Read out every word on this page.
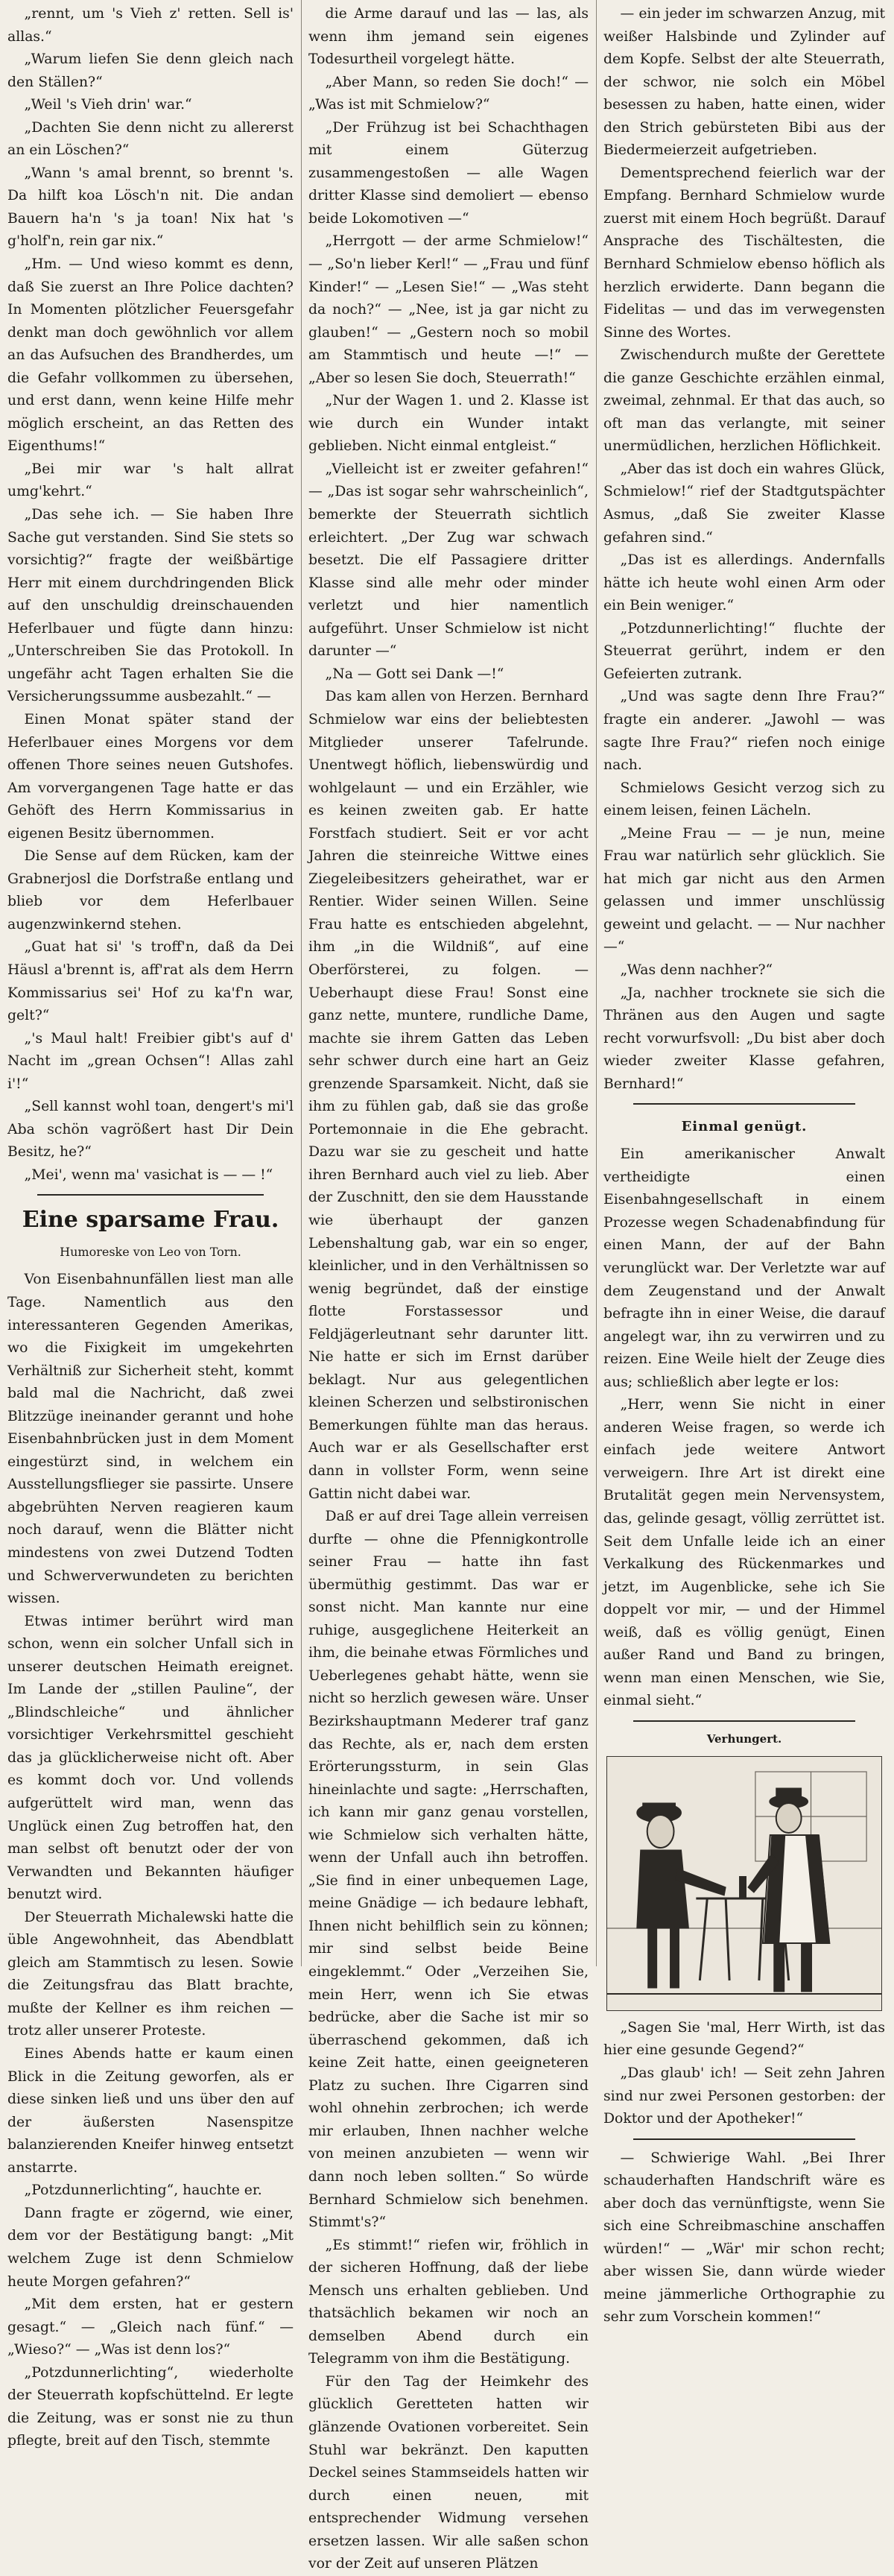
„rennt, um 's Vieh z' retten. Sell is' allas.“

„Warum liefen Sie denn gleich nach den Ställen?“

„Weil 's Vieh drin' war.“

„Dachten Sie denn nicht zu allererst an ein Löschen?“

„Wann 's amal brennt, so brennt 's. Da hilft koa Lösch'n nit. Die andan Bauern ha'n 's ja toan! Nix hat 's g'holf'n, rein gar nix.“

„Hm. — Und wieso kommt es denn, daß Sie zuerst an Ihre Police dachten? In Momenten plötzlicher Feuersgefahr denkt man doch gewöhnlich vor allem an das Aufsuchen des Brandherdes, um die Gefahr vollkommen zu übersehen, und erst dann, wenn keine Hilfe mehr möglich erscheint, an das Retten des Eigenthums!“

„Bei mir war 's halt allrat umg'kehrt.“

„Das sehe ich. — Sie haben Ihre Sache gut verstanden. Sind Sie stets so vorsichtig?“ fragte der weißbärtige Herr mit einem durchdringenden Blick auf den unschuldig dreinschauenden Heferlbauer und fügte dann hinzu: „Unterschreiben Sie das Protokoll. In ungefähr acht Tagen erhalten Sie die Versicherungssumme ausbezahlt.“ —

Einen Monat später stand der Heferlbauer eines Morgens vor dem offenen Thore seines neuen Gutshofes. Am vorvergangenen Tage hatte er das Gehöft des Herrn Kommissarius in eigenen Besitz übernommen.

Die Sense auf dem Rücken, kam der Grabnerjosl die Dorfstraße entlang und blieb vor dem Heferlbauer augenzwinkernd stehen.

„Guat hat si' 's troff'n, daß da Dei Häusl a'brennt is, aff'rat als dem Herrn Kommissarius sei' Hof zu ka'f'n war, gelt?“

„'s Maul halt! Freibier gibt's auf d' Nacht im „grean Ochsen“! Allas zahl i'!“

„Sell kannst wohl toan, dengert's mi'l Aba schön vagrößert hast Dir Dein Besitz, he?“

„Mei', wenn ma' vasichat is — — !“

Eine sparsame Frau.
Humoreske von Leo von Torn.

Von Eisenbahnunfällen liest man alle Tage. Namentlich aus den interessanteren Gegenden Amerikas, wo die Fixigkeit im umgekehrten Verhältniß zur Sicherheit steht, kommt bald mal die Nachricht, daß zwei Blitzzüge ineinander gerannt und hohe Eisenbahnbrücken just in dem Moment eingestürzt sind, in welchem ein Ausstellungsflieger sie passirte. Unsere abgebrühten Nerven reagieren kaum noch darauf, wenn die Blätter nicht mindestens von zwei Dutzend Todten und Schwerverwundeten zu berichten wissen.

Etwas intimer berührt wird man schon, wenn ein solcher Unfall sich in unserer deutschen Heimath ereignet. Im Lande der „stillen Pauline“, der „Blindschleiche“ und ähnlicher vorsichtiger Verkehrsmittel geschieht das ja glücklicherweise nicht oft. Aber es kommt doch vor. Und vollends aufgerüttelt wird man, wenn das Unglück einen Zug betroffen hat, den man selbst oft benutzt oder der von Verwandten und Bekannten häufiger benutzt wird.

Der Steuerrath Michalewski hatte die üble Angewohnheit, das Abendblatt gleich am Stammtisch zu lesen. Sowie die Zeitungsfrau das Blatt brachte, mußte der Kellner es ihm reichen — trotz aller unserer Proteste.

Eines Abends hatte er kaum einen Blick in die Zeitung geworfen, als er diese sinken ließ und uns über den auf der äußersten Nasenspitze balanzierenden Kneifer hinweg entsetzt anstarrte.

„Potzdunnerlichting“, hauchte er.

Dann fragte er zögernd, wie einer, dem vor der Bestätigung bangt: „Mit welchem Zuge ist denn Schmielow heute Morgen gefahren?“

„Mit dem ersten, hat er gestern gesagt.“ — „Gleich nach fünf.“ — „Wieso?“ — „Was ist denn los?“

„Potzdunnerlichting“, wiederholte der Steuerrath kopfschüttelnd. Er legte die Zeitung, was er sonst nie zu thun pflegte, breit auf den Tisch, stemmte

die Arme darauf und las — las, als wenn ihm jemand sein eigenes Todesurtheil vorgelegt hätte.

„Aber Mann, so reden Sie doch!“ — „Was ist mit Schmielow?“

„Der Frühzug ist bei Schachthagen mit einem Güterzug zusammengestoßen — alle Wagen dritter Klasse sind demoliert — ebenso beide Lokomotiven —“

„Herrgott — der arme Schmielow!“ — „So'n lieber Kerl!“ — „Frau und fünf Kinder!“ — „Lesen Sie!“ — „Was steht da noch?“ — „Nee, ist ja gar nicht zu glauben!“ — „Gestern noch so mobil am Stammtisch und heute —!“ — „Aber so lesen Sie doch, Steuerrath!“

„Nur der Wagen 1. und 2. Klasse ist wie durch ein Wunder intakt geblieben. Nicht einmal entgleist.“

„Vielleicht ist er zweiter gefahren!“ — „Das ist sogar sehr wahrscheinlich“, bemerkte der Steuerrath sichtlich erleichtert. „Der Zug war schwach besetzt. Die elf Passagiere dritter Klasse sind alle mehr oder minder verletzt und hier namentlich aufgeführt. Unser Schmielow ist nicht darunter —“

„Na — Gott sei Dank —!“

Das kam allen von Herzen. Bernhard Schmielow war eins der beliebtesten Mitglieder unserer Tafelrunde. Unentwegt höflich, liebenswürdig und wohlgelaunt — und ein Erzähler, wie es keinen zweiten gab. Er hatte Forstfach studiert. Seit er vor acht Jahren die steinreiche Wittwe eines Ziegeleibesitzers geheirathet, war er Rentier. Wider seinen Willen. Seine Frau hatte es entschieden abgelehnt, ihm „in die Wildniß“, auf eine Oberförsterei, zu folgen. — Ueberhaupt diese Frau! Sonst eine ganz nette, muntere, rundliche Dame, machte sie ihrem Gatten das Leben sehr schwer durch eine hart an Geiz grenzende Sparsamkeit. Nicht, daß sie ihm zu fühlen gab, daß sie das große Portemonnaie in die Ehe gebracht. Dazu war sie zu gescheit und hatte ihren Bernhard auch viel zu lieb. Aber der Zuschnitt, den sie dem Hausstande wie überhaupt der ganzen Lebenshaltung gab, war ein so enger, kleinlicher, und in den Verhältnissen so wenig begründet, daß der einstige flotte Forstassessor und Feldjägerleutnant sehr darunter litt. Nie hatte er sich im Ernst darüber beklagt. Nur aus gelegentlichen kleinen Scherzen und selbstironischen Bemerkungen fühlte man das heraus. Auch war er als Gesellschafter erst dann in vollster Form, wenn seine Gattin nicht dabei war.

Daß er auf drei Tage allein verreisen durfte — ohne die Pfennigkontrolle seiner Frau — hatte ihn fast übermüthig gestimmt. Das war er sonst nicht. Man kannte nur eine ruhige, ausgeglichene Heiterkeit an ihm, die beinahe etwas Förmliches und Ueberlegenes gehabt hätte, wenn sie nicht so herzlich gewesen wäre. Unser Bezirkshauptmann Mederer traf ganz das Rechte, als er, nach dem ersten Erörterungssturm, in sein Glas hineinlachte und sagte: „Herrschaften, ich kann mir ganz genau vorstellen, wie Schmielow sich verhalten hätte, wenn der Unfall auch ihn betroffen. „Sie find in einer unbequemen Lage, meine Gnädige — ich bedaure lebhaft, Ihnen nicht behilflich sein zu können; mir sind selbst beide Beine eingeklemmt.“ Oder „Verzeihen Sie, mein Herr, wenn ich Sie etwas bedrücke, aber die Sache ist mir so überraschend gekommen, daß ich keine Zeit hatte, einen geeigneteren Platz zu suchen. Ihre Cigarren sind wohl ohnehin zerbrochen; ich werde mir erlauben, Ihnen nachher welche von meinen anzubieten — wenn wir dann noch leben sollten.“ So würde Bernhard Schmielow sich benehmen. Stimmt's?“

„Es stimmt!“ riefen wir, fröhlich in der sicheren Hoffnung, daß der liebe Mensch uns erhalten geblieben. Und thatsächlich bekamen wir noch an demselben Abend durch ein Telegramm von ihm die Bestätigung.

Für den Tag der Heimkehr des glücklich Geretteten hatten wir glänzende Ovationen vorbereitet. Sein Stuhl war bekränzt. Den kaputten Deckel seines Stammseidels hatten wir durch einen neuen, mit entsprechender Widmung versehen ersetzen lassen. Wir alle saßen schon vor der Zeit auf unseren Plätzen

— ein jeder im schwarzen Anzug, mit weißer Halsbinde und Zylinder auf dem Kopfe. Selbst der alte Steuerrath, der schwor, nie solch ein Möbel besessen zu haben, hatte einen, wider den Strich gebürsteten Bibi aus der Biedermeierzeit aufgetrieben.

Dementsprechend feierlich war der Empfang. Bernhard Schmielow wurde zuerst mit einem Hoch begrüßt. Darauf Ansprache des Tischältesten, die Bernhard Schmielow ebenso höflich als herzlich erwiderte. Dann begann die Fidelitas — und das im verwegensten Sinne des Wortes.

Zwischendurch mußte der Gerettete die ganze Geschichte erzählen einmal, zweimal, zehnmal. Er that das auch, so oft man das verlangte, mit seiner unermüdlichen, herzlichen Höflichkeit.

„Aber das ist doch ein wahres Glück, Schmielow!“ rief der Stadtgutspächter Asmus, „daß Sie zweiter Klasse gefahren sind.“

„Das ist es allerdings. Andernfalls hätte ich heute wohl einen Arm oder ein Bein weniger.“

„Potzdunnerlichting!“ fluchte der Steuerrat gerührt, indem er den Gefeierten zutrank.

„Und was sagte denn Ihre Frau?“ fragte ein anderer. „Jawohl — was sagte Ihre Frau?“ riefen noch einige nach.

Schmielows Gesicht verzog sich zu einem leisen, feinen Lächeln.

„Meine Frau — — je nun, meine Frau war natürlich sehr glücklich. Sie hat mich gar nicht aus den Armen gelassen und immer unschlüssig geweint und gelacht. — — Nur nachher —“

„Was denn nachher?“

„Ja, nachher trocknete sie sich die Thränen aus den Augen und sagte recht vorwurfsvoll: „Du bist aber doch wieder zweiter Klasse gefahren, Bernhard!“

Einmal genügt.

Ein amerikanischer Anwalt vertheidigte einen Eisenbahngesellschaft in einem Prozesse wegen Schadenabfindung für einen Mann, der auf der Bahn verunglückt war. Der Verletzte war auf dem Zeugenstand und der Anwalt befragte ihn in einer Weise, die darauf angelegt war, ihn zu verwirren und zu reizen. Eine Weile hielt der Zeuge dies aus; schließlich aber legte er los:

„Herr, wenn Sie nicht in einer anderen Weise fragen, so werde ich einfach jede weitere Antwort verweigern. Ihre Art ist direkt eine Brutalität gegen mein Nervensystem, das, gelinde gesagt, völlig zerrüttet ist. Seit dem Unfalle leide ich an einer Verkalkung des Rückenmarkes und jetzt, im Augenblicke, sehe ich Sie doppelt vor mir, — und der Himmel weiß, daß es völlig genügt, Einen außer Rand und Band zu bringen, wenn man einen Menschen, wie Sie, einmal sieht.“

Verhungert.

„Sagen Sie 'mal, Herr Wirth, ist das hier eine gesunde Gegend?“

„Das glaub' ich! — Seit zehn Jahren sind nur zwei Personen gestorben: der Doktor und der Apotheker!“

— Schwierige Wahl. „Bei Ihrer schauderhaften Handschrift wäre es aber doch das vernünftigste, wenn Sie sich eine Schreibmaschine anschaffen würden!“ — „Wär' mir schon recht; aber wissen Sie, dann würde wieder meine jämmerliche Orthographie zu sehr zum Vorschein kommen!“
